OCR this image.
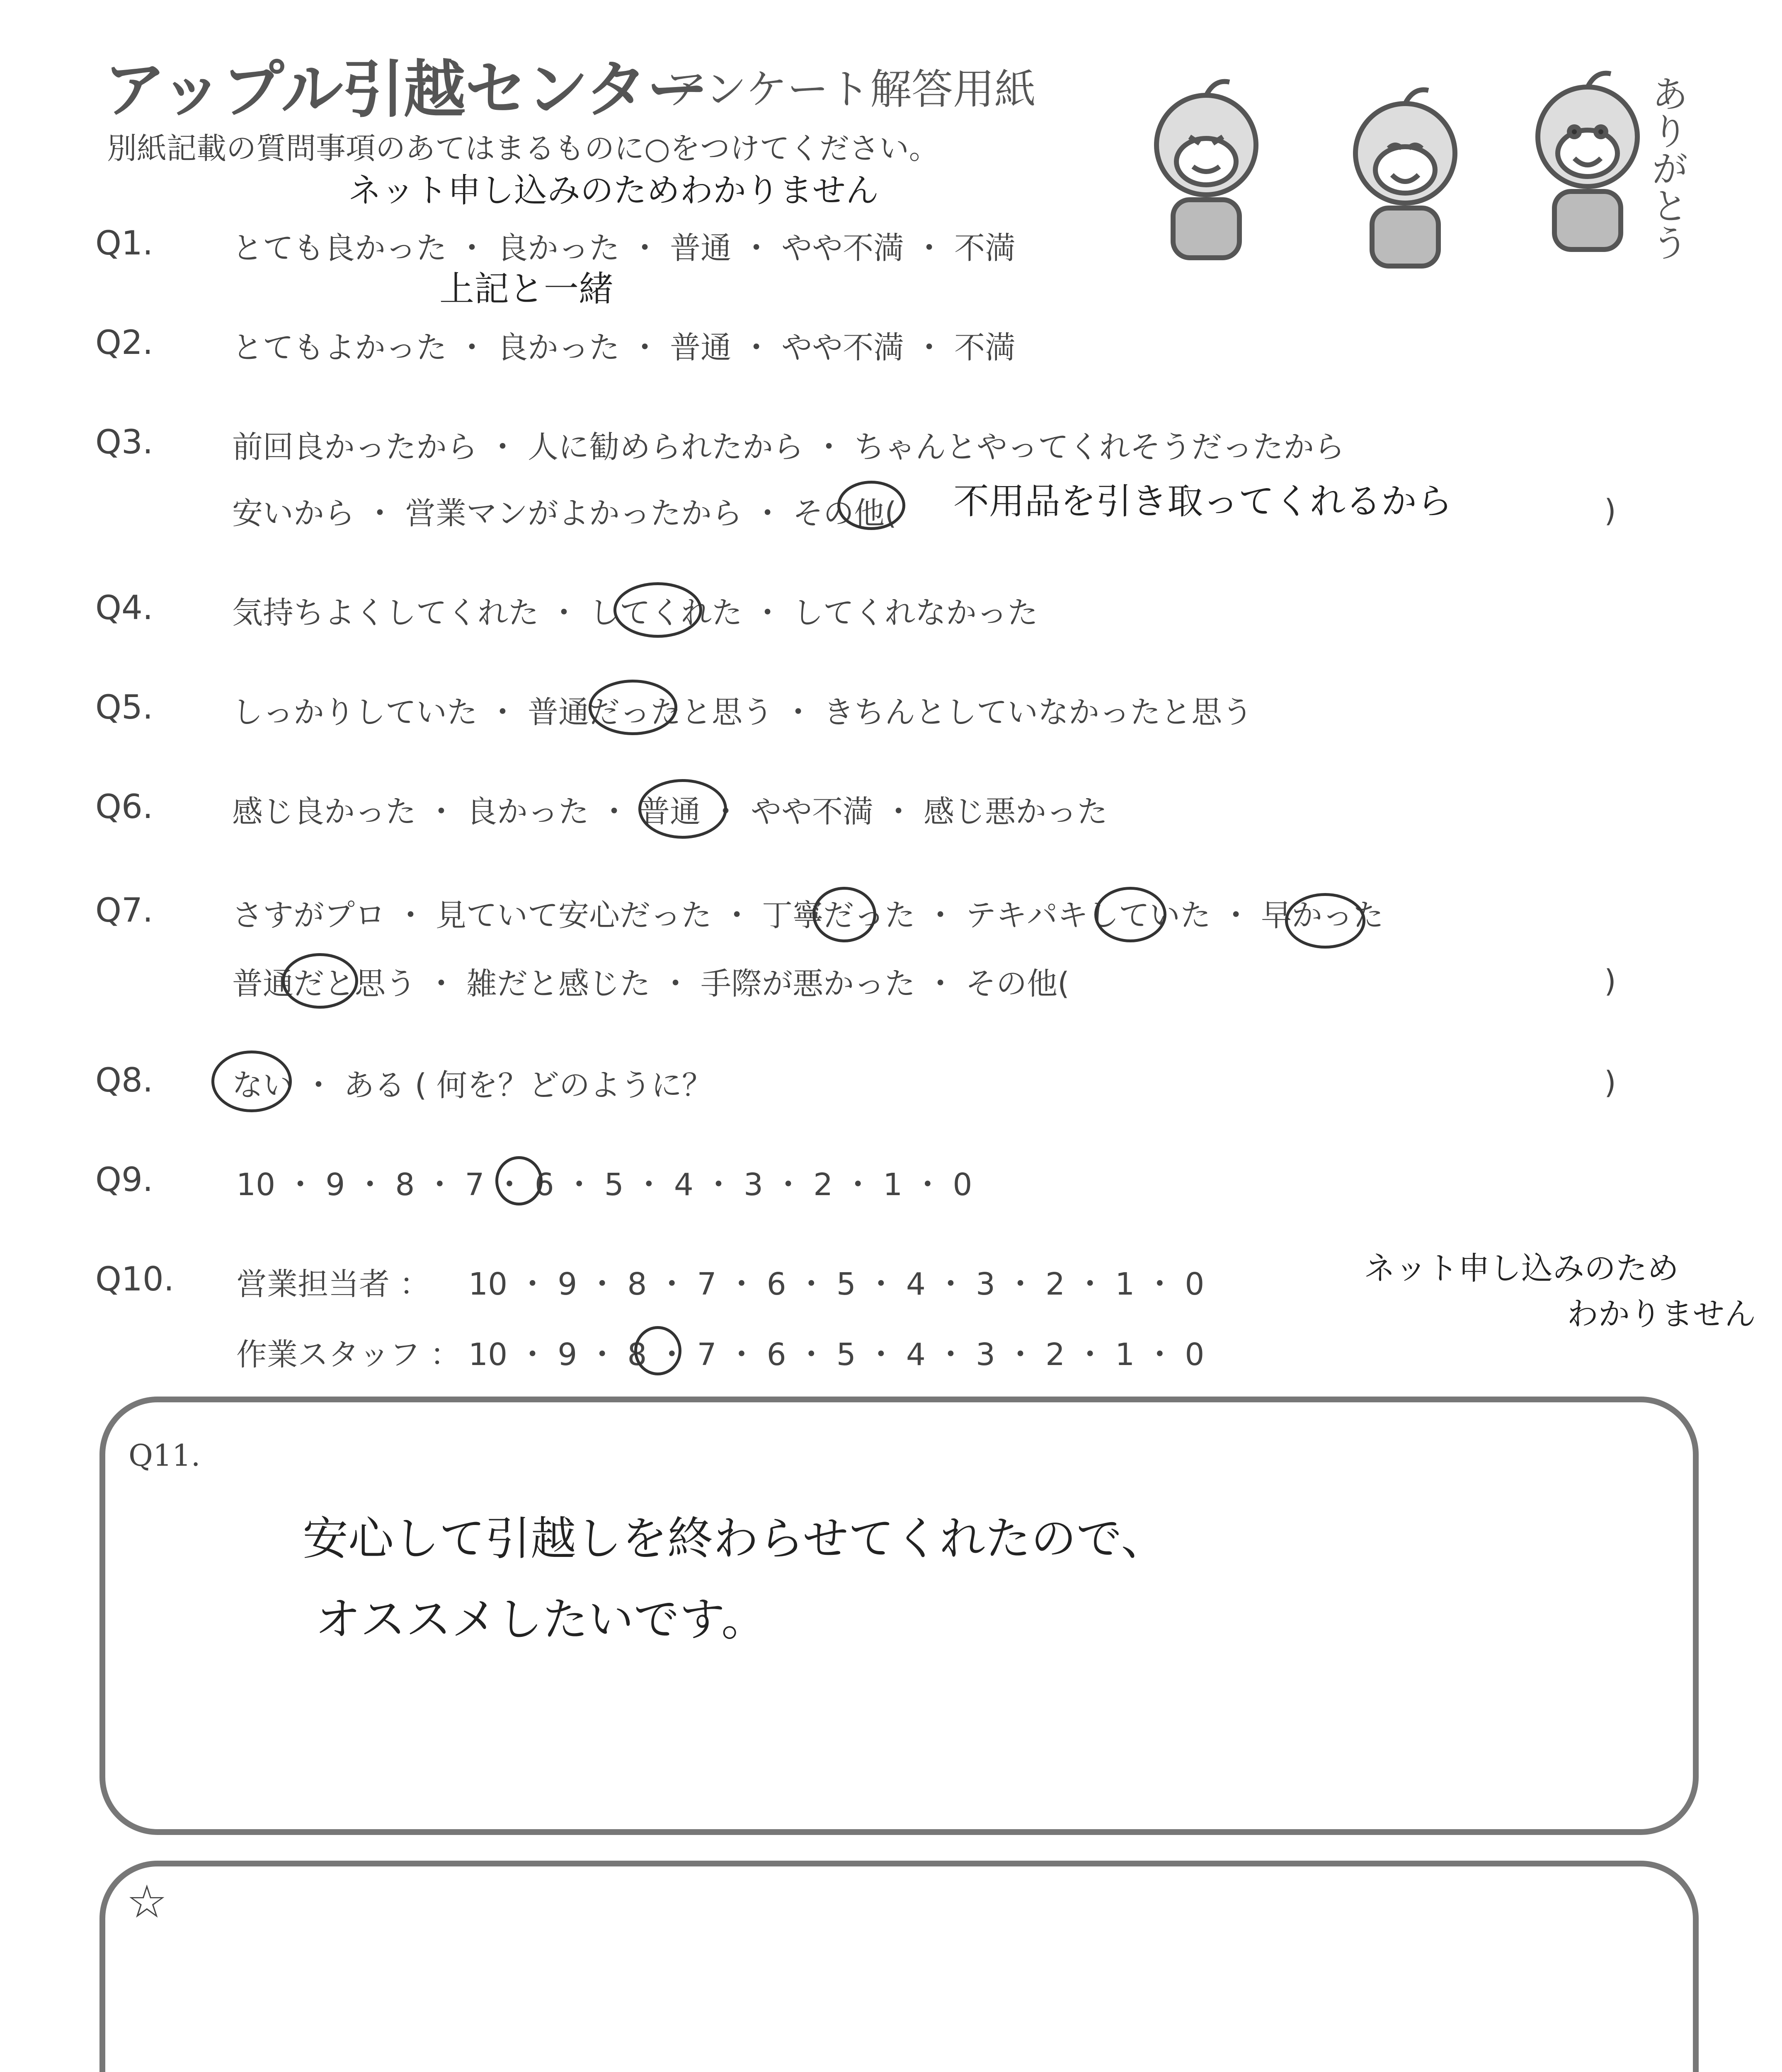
アップル引越センター
アンケート解答用紙
別紙記載の質問事項のあてはまるものに○をつけてください。	ありがとう
ネット申し込みのためわかりません
Q1.	とても良かった ・ 良かった ・ 普通 ・ やや不満 ・ 不満
上記と一緒
Q2.	とてもよかった ・ 良かった ・ 普通 ・ やや不満 ・ 不満
Q3.	前回良かったから ・ 人に勧められたから ・ ちゃんとやってくれそうだったから
安いから ・ 営業マンがよかったから ・ その他( 不用品を引き取ってくれるから	)
Q4.	気持ちよくしてくれた ・ してくれた ・ してくれなかった
Q5.	しっかりしていた ・ 普通だったと思う ・ きちんとしていなかったと思う
Q6.	感じ良かった ・ 良かった ・ 普通 ・ やや不満 ・ 感じ悪かった
Q7.	さすがプロ ・ 見ていて安心だった ・ 丁寧だった ・ テキパキしていた ・ 早かった
普通だと思う ・ 雑だと感じた ・ 手際が悪かった ・ その他(	)
Q8.	ない ・ ある ( 何を？どのように？	)
Q9.	10 ・ 9 ・ 8 ・ 7 ・ 6 ・ 5 ・ 4 ・ 3 ・ 2 ・ 1 ・ 0
Q10. 営業担当者 ： 10 ・ 9 ・ 8 ・ 7 ・ 6 ・ 5 ・ 4 ・ 3 ・ 2 ・ 1 ・ 0
作業スタッフ ： 10 ・ 9 ・ 8 ・ 7 ・ 6 ・ 5 ・ 4 ・ 3 ・ 2 ・ 1 ・ 0
ネット申し込みのため
わかりません
Q11.
安心して引越しを終わらせてくれたので、
オススメしたいです。
☆
